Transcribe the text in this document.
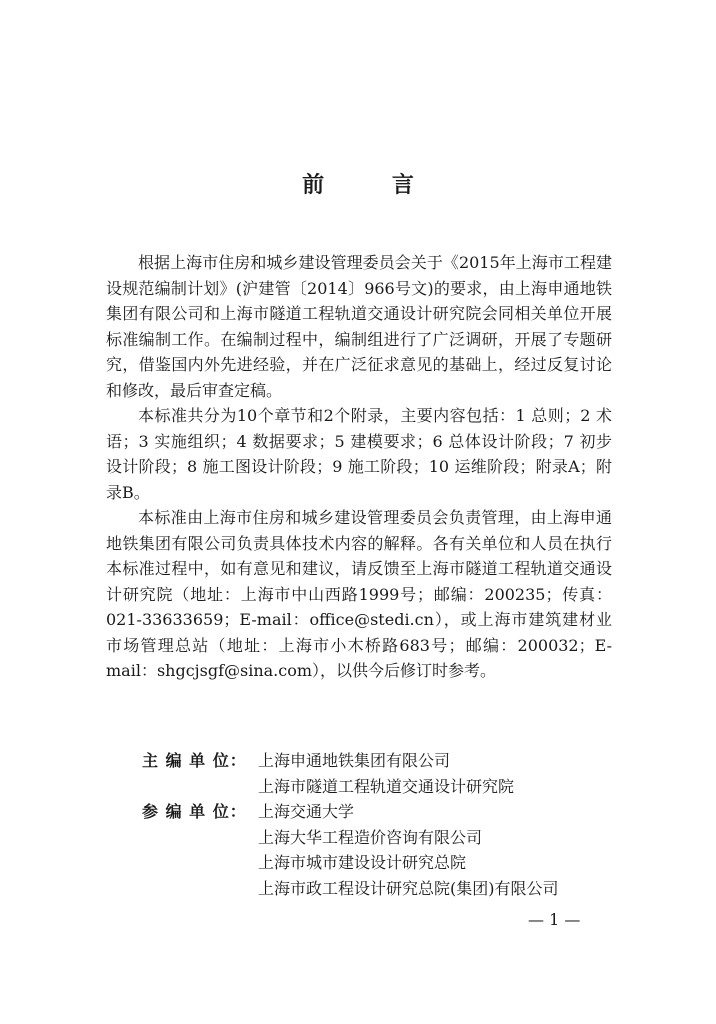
前 言

根据上海市住房和城乡建设管理委员会关于《2015年上海市工程建设规范编制计划》(沪建管〔2014〕966号文)的要求，由上海申通地铁集团有限公司和上海市隧道工程轨道交通设计研究院会同相关单位开展标准编制工作。在编制过程中，编制组进行了广泛调研，开展了专题研究，借鉴国内外先进经验，并在广泛征求意见的基础上，经过反复讨论和修改，最后审查定稿。

本标准共分为10个章节和2个附录，主要内容包括：1 总则；2 术语；3 实施组织；4 数据要求；5 建模要求；6 总体设计阶段；7 初步设计阶段；8 施工图设计阶段；9 施工阶段；10 运维阶段；附录A；附录B。

本标准由上海市住房和城乡建设管理委员会负责管理，由上海申通地铁集团有限公司负责具体技术内容的解释。各有关单位和人员在执行本标准过程中，如有意见和建议，请反馈至上海市隧道工程轨道交通设计研究院（地址：上海市中山西路1999号；邮编：200235；传真：021-33633659；E-mail：office@stedi.cn），或上海市建筑建材业市场管理总站（地址：上海市小木桥路683号；邮编：200032；E-mail：shgcjsgf@sina.com），以供今后修订时参考。

主 编 单 位： 上海申通地铁集团有限公司
上海市隧道工程轨道交通设计研究院
参 编 单 位： 上海交通大学
上海大华工程造价咨询有限公司
上海市城市建设设计研究总院
上海市政工程设计研究总院(集团)有限公司
— 1 —
